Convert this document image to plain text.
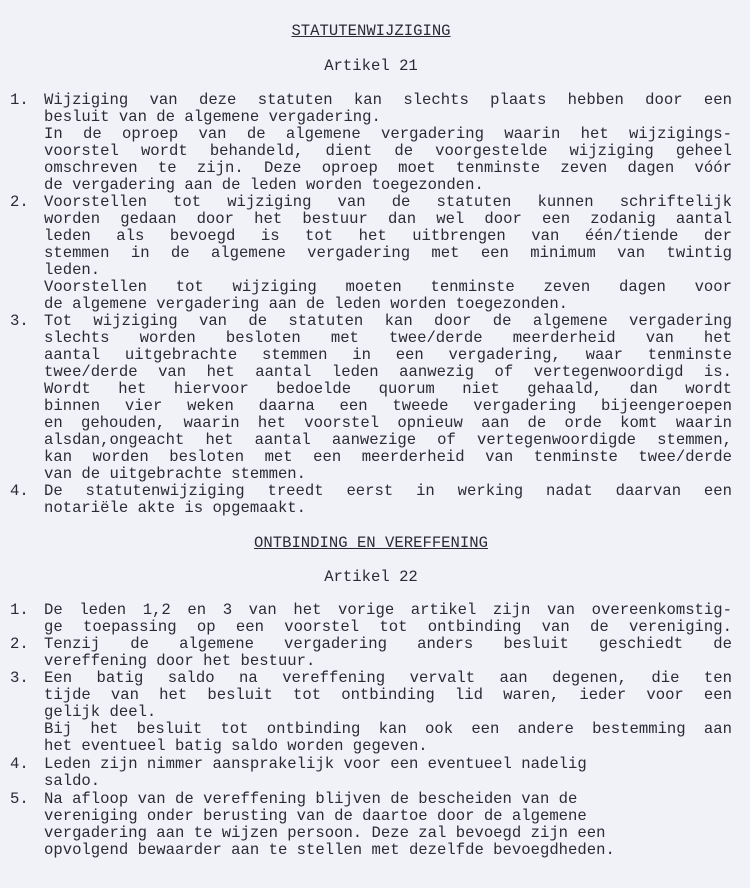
STATUTENWIJZIGING
Artikel 21
1. Wijziging van deze statuten kan slechts plaats hebben door een
besluit van de algemene vergadering.
In de oproep van de algemene vergadering waarin het wijzigings-
voorstel wordt behandeld, dient de voorgestelde wijziging geheel
omschreven te zijn. Deze oproep moet tenminste zeven dagen vóór
de vergadering aan de leden worden toegezonden.
2. Voorstellen tot wijziging van de statuten kunnen schriftelijk
worden gedaan door het bestuur dan wel door een zodanig aantal
leden als bevoegd is tot het uitbrengen van één/tiende der
stemmen in de algemene vergadering met een minimum van twintig
leden.
Voorstellen tot wijziging moeten tenminste zeven dagen voor
de algemene vergadering aan de leden worden toegezonden.
3. Tot wijziging van de statuten kan door de algemene vergadering
slechts worden besloten met twee/derde meerderheid van het
aantal uitgebrachte stemmen in een vergadering, waar tenminste
twee/derde van het aantal leden aanwezig of vertegenwoordigd is.
Wordt het hiervoor bedoelde quorum niet gehaald, dan wordt
binnen vier weken daarna een tweede vergadering bijeengeroepen
en gehouden, waarin het voorstel opnieuw aan de orde komt waarin
alsdan,ongeacht het aantal aanwezige of vertegenwoordigde stemmen,
kan worden besloten met een meerderheid van tenminste twee/derde
van de uitgebrachte stemmen.
4. De statutenwijziging treedt eerst in werking nadat daarvan een
notariële akte is opgemaakt.
ONTBINDING EN VEREFFENING
Artikel 22
1. De leden 1,2 en 3 van het vorige artikel zijn van overeenkomstig-
ge toepassing op een voorstel tot ontbinding van de vereniging.
2. Tenzij de algemene vergadering anders besluit geschiedt de
vereffening door het bestuur.
3. Een batig saldo na vereffening vervalt aan degenen, die ten
tijde van het besluit tot ontbinding lid waren, ieder voor een
gelijk deel.
Bij het besluit tot ontbinding kan ook een andere bestemming aan
het eventueel batig saldo worden gegeven.
4. Leden zijn nimmer aansprakelijk voor een eventueel nadelig
saldo.
5. Na afloop van de vereffening blijven de bescheiden van de
vereniging onder berusting van de daartoe door de algemene
vergadering aan te wijzen persoon. Deze zal bevoegd zijn een
opvolgend bewaarder aan te stellen met dezelfde bevoegdheden.
